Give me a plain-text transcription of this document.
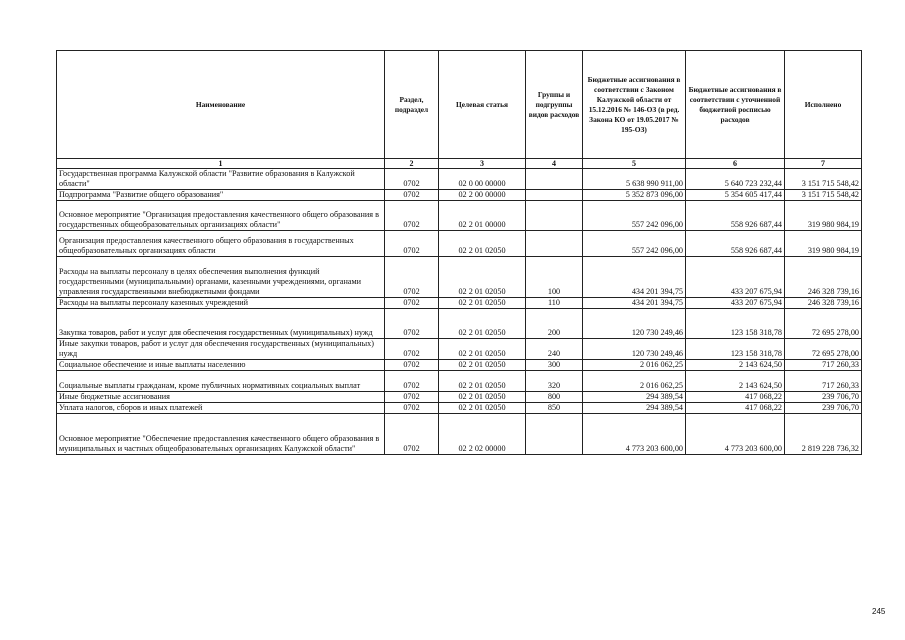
Наименование	Раздел, подраздел	Целевая статья	Группы и подгруппы видов расходов	Бюджетные ассигнования в соответствии с Законом Калужской области от 15.12.2016 № 146-ОЗ (в ред. Закона КО от 19.05.2017 № 195-ОЗ)	Бюджетные ассигнования в соответствии с уточненной бюджетной росписью расходов	Исполнено
1	2	3	4	5	6	7
Государственная программа Калужской области "Развитие образования в Калужской области"	0702	02 0 00 00000		5 638 990 911,00	5 640 723 232,44	3 151 715 548,42
Подпрограмма "Развитие общего образования"	0702	02 2 00 00000		5 352 873 096,00	5 354 605 417,44	3 151 715 548,42
Основное мероприятие "Организация предоставления качественного общего образования в государственных общеобразовательных организациях области"	0702	02 2 01 00000		557 242 096,00	558 926 687,44	319 980 984,19
Организация предоставления качественного общего образования в государственных общеобразовательных организациях области	0702	02 2 01 02050		557 242 096,00	558 926 687,44	319 980 984,19
Расходы на выплаты персоналу в целях обеспечения выполнения функций государственными (муниципальными) органами, казенными учреждениями, органами управления государственными внебюджетными фондами	0702	02 2 01 02050	100	434 201 394,75	433 207 675,94	246 328 739,16
Расходы на выплаты персоналу казенных учреждений	0702	02 2 01 02050	110	434 201 394,75	433 207 675,94	246 328 739,16
Закупка товаров, работ и услуг для обеспечения государственных (муниципальных) нужд	0702	02 2 01 02050	200	120 730 249,46	123 158 318,78	72 695 278,00
Иные закупки товаров, работ и услуг для обеспечения государственных (муниципальных) нужд	0702	02 2 01 02050	240	120 730 249,46	123 158 318,78	72 695 278,00
Социальное обеспечение и иные выплаты населению	0702	02 2 01 02050	300	2 016 062,25	2 143 624,50	717 260,33
Социальные выплаты гражданам, кроме публичных нормативных социальных выплат	0702	02 2 01 02050	320	2 016 062,25	2 143 624,50	717 260,33
Иные бюджетные ассигнования	0702	02 2 01 02050	800	294 389,54	417 068,22	239 706,70
Уплата налогов, сборов и иных платежей	0702	02 2 01 02050	850	294 389,54	417 068,22	239 706,70
Основное мероприятие "Обеспечение предоставления качественного общего образования в муниципальных и частных общеобразовательных организациях Калужской области"	0702	02 2 02 00000		4 773 203 600,00	4 773 203 600,00	2 819 228 736,32
245
